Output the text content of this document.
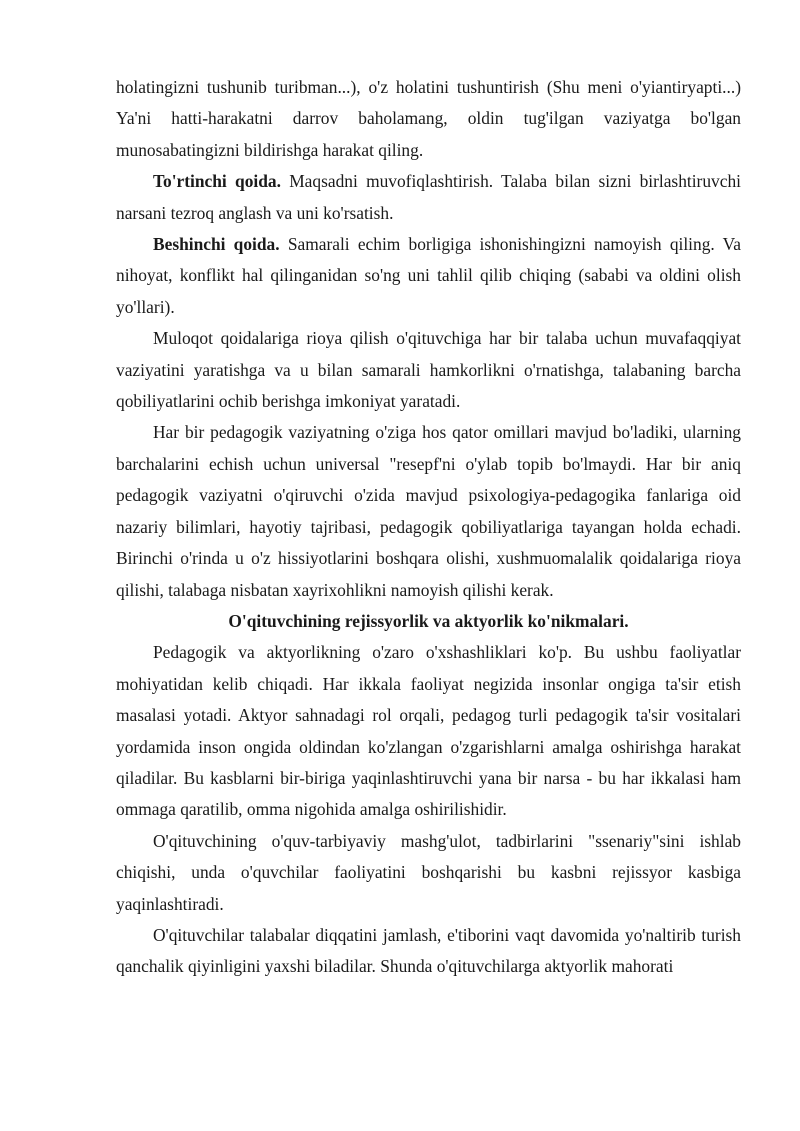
holatingizni tushunib turibman...), o'z holatini tushuntirish (Shu meni o'yiantiryapti...) Ya'ni hatti-harakatni darrov baholamang, oldin tug'ilgan vaziyatga bo'lgan munosabatingizni bildirishga harakat qiling.

To'rtinchi qoida. Maqsadni muvofiqlashtirish. Talaba bilan sizni birlashtiruvchi narsani tezroq anglash va uni ko'rsatish.

Beshinchi qoida. Samarali echim borligiga ishonishingizni namoyish qiling. Va nihoyat, konflikt hal qilinganidan so'ng uni tahlil qilib chiqing (sababi va oldini olish yo'llari).

Muloqot qoidalariga rioya qilish o'qituvchiga har bir talaba uchun muvafaqqiyat vaziyatini yaratishga va u bilan samarali hamkorlikni o'rnatishga, talabaning barcha qobiliyatlarini ochib berishga imkoniyat yaratadi.

Har bir pedagogik vaziyatning o'ziga hos qator omillari mavjud bo'ladiki, ularning barchalarini echish uchun universal "resepf'ni o'ylab topib bo'lmaydi. Har bir aniq pedagogik vaziyatni o'qiruvchi o'zida mavjud psixologiya-pedagogika fanlariga oid nazariy bilimlari, hayotiy tajribasi, pedagogik qobiliyatlariga tayangan holda echadi. Birinchi o'rinda u o'z hissiyotlarini boshqara olishi, xushmuomalalik qoidalariga rioya qilishi, talabaga nisbatan xayrixohlikni namoyish qilishi kerak.

O'qituvchining rejissyorlik va aktyorlik ko'nikmalari.

Pedagogik va aktyorlikning o'zaro o'xshashliklari ko'p. Bu ushbu faoliyatlar mohiyatidan kelib chiqadi. Har ikkala faoliyat negizida insonlar ongiga ta'sir etish masalasi yotadi. Aktyor sahnadagi rol orqali, pedagog turli pedagogik ta'sir vositalari yordamida inson ongida oldindan ko'zlangan o'zgarishlarni amalga oshirishga harakat qiladilar. Bu kasblarni bir-biriga yaqinlashtiruvchi yana bir narsa - bu har ikkalasi ham ommaga qaratilib, omma nigohida amalga oshirilishidir.

O'qituvchining o'quv-tarbiyaviy mashg'ulot, tadbirlarini "ssenariy"sini ishlab chiqishi, unda o'quvchilar faoliyatini boshqarishi bu kasbni rejissyor kasbiga yaqinlashtiradi.

O'qituvchilar talabalar diqqatini jamlash, e'tiborini vaqt davomida yo'naltirib turish qanchalik qiyinligini yaxshi biladilar. Shunda o'qituvchilarga aktyorlik mahorati
